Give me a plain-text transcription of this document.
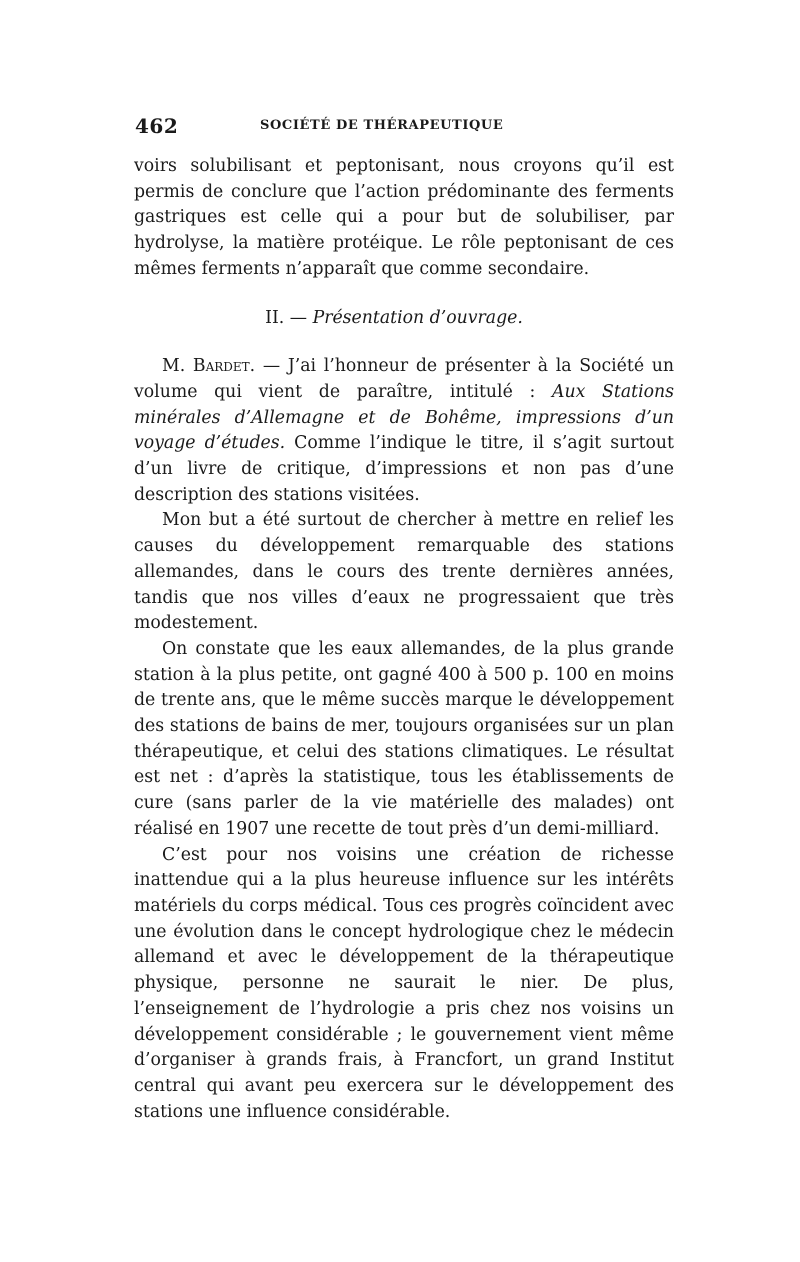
462	SOCIÉTÉ DE THÉRAPEUTIQUE

voirs solubilisant et peptonisant, nous croyons qu’il est permis de conclure que l’action prédominante des ferments gastriques est celle qui a pour but de solubiliser, par hydrolyse, la matière protéique. Le rôle peptonisant de ces mêmes ferments n’apparaît que comme secondaire.

II. — Présentation d’ouvrage.

M. Bardet. — J’ai l’honneur de présenter à la Société un volume qui vient de paraître, intitulé : Aux Stations minérales d’Allemagne et de Bohême, impressions d’un voyage d’études. Comme l’indique le titre, il s’agit surtout d’un livre de critique, d’impressions et non pas d’une description des stations visitées.

Mon but a été surtout de chercher à mettre en relief les causes du développement remarquable des stations allemandes, dans le cours des trente dernières années, tandis que nos villes d’eaux ne progressaient que très modestement.

On constate que les eaux allemandes, de la plus grande station à la plus petite, ont gagné 400 à 500 p. 100 en moins de trente ans, que le même succès marque le développement des stations de bains de mer, toujours organisées sur un plan thérapeutique, et celui des stations climatiques. Le résultat est net : d’après la statistique, tous les établissements de cure (sans parler de la vie matérielle des malades) ont réalisé en 1907 une recette de tout près d’un demi-milliard.

C’est pour nos voisins une création de richesse inattendue qui a la plus heureuse influence sur les intérêts matériels du corps médical. Tous ces progrès coïncident avec une évolution dans le concept hydrologique chez le médecin allemand et avec le développement de la thérapeutique physique, personne ne saurait le nier. De plus, l’enseignement de l’hydrologie a pris chez nos voisins un développement considérable ; le gouvernement vient même d’organiser à grands frais, à Francfort, un grand Institut central qui avant peu exercera sur le développement des stations une influence considérable.
